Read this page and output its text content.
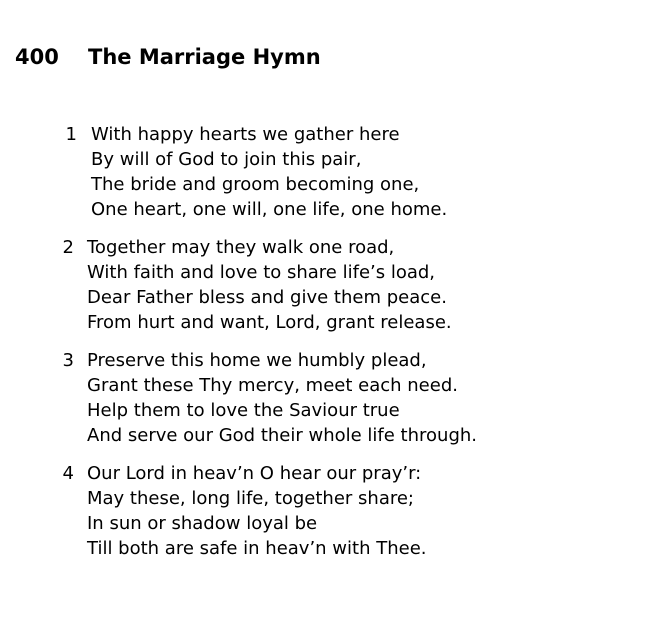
400	The Marriage Hymn
1 With happy hearts we gather here
By will of God to join this pair,
The bride and groom becoming one,
One heart, one will, one life, one home.
2 Together may they walk one road,
With faith and love to share life’s load,
Dear Father bless and give them peace.
From hurt and want, Lord, grant release.
3 Preserve this home we humbly plead,
Grant these Thy mercy, meet each need.
Help them to love the Saviour true
And serve our God their whole life through.
4 Our Lord in heav’n O hear our pray’r:
May these, long life, together share;
In sun or shadow loyal be
Till both are safe in heav’n with Thee.
